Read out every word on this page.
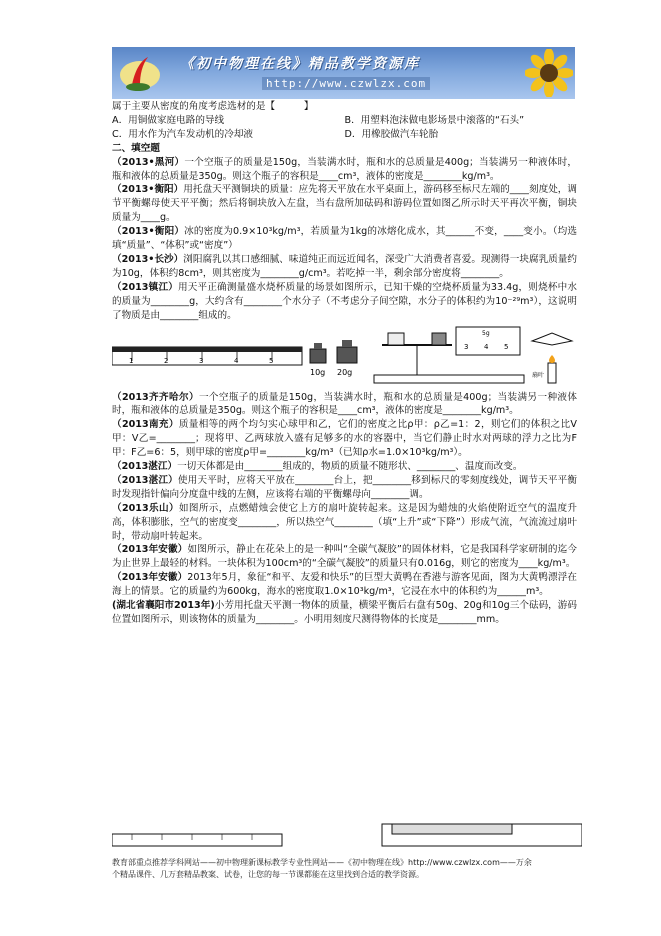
《初中物理在线》精品教学资源库
http://www.czwlzx.com

属于主要从密度的角度考虑选材的是【　　　】

A．用铜做家庭电路的导线	B．用塑料泡沫做电影场景中滚落的“石头”
C．用水作为汽车发动机的冷却液	D．用橡胶做汽车轮胎

二、填空题

（2013•黑河）一个空瓶子的质量是150g，当装满水时，瓶和水的总质量是400g；当装满另一种液体时，瓶和液体的总质量是350g。则这个瓶子的容积是____cm³，液体的密度是________kg/m³。

（2013•衡阳）用托盘天平测铜块的质量：应先将天平放在水平桌面上，游码移至标尺左端的____刻度处，调节平衡螺母使天平平衡；然后将铜块放入左盘，当右盘所加砝码和游码位置如图乙所示时天平再次平衡，铜块质量为____g。

（2013•衡阳）冰的密度为0.9×10³kg/m³，若质量为1kg的冰熔化成水，其______不变，____变小。（均选填“质量”、“体积”或“密度”）

（2013•长沙）浏阳腐乳以其口感细腻、味道纯正而远近闻名，深受广大消费者喜爱。现测得一块腐乳质量约为10g，体积约8cm³，则其密度为________g/cm³。若吃掉一半，剩余部分密度将________。

（2013镇江）用天平正确测量盛水烧杯质量的场景如图所示，已知干燥的空烧杯质量为33.4g，则烧杯中水的质量为________g，大约含有________个水分子（不考虑分子间空隙，水分子的体积约为10⁻²⁹m³），这说明了物质是由________组成的。

1	2	3	4	5
10g 20g
3 4 5
5g
扇叶

（2013齐齐哈尔）一个空瓶子的质量是150g，当装满水时，瓶和水的总质量是400g；当装满另一种液体时，瓶和液体的总质量是350g。则这个瓶子的容积是____cm³，液体的密度是________kg/m³。

（2013南充）质量相等的两个均匀实心球甲和乙，它们的密度之比ρ甲：ρ乙=1：2，则它们的体积之比V甲：V乙=________；现将甲、乙两球放入盛有足够多的水的容器中，当它们静止时水对两球的浮力之比为F甲：F乙=6：5，则甲球的密度ρ甲=________kg/m³（已知ρ水=1.0×10³kg/m³）。

（2013湛江）一切天体都是由________组成的，物质的质量不随形状、________、温度而改变。

（2013湛江）使用天平时，应将天平放在________台上，把________移到标尺的零刻度线处，调节天平平衡时发现指针偏向分度盘中线的左侧，应该将右端的平衡螺母向________调。

（2013乐山）如图所示，点燃蜡烛会使它上方的扇叶旋转起来。这是因为蜡烛的火焰使附近空气的温度升高，体积膨胀，空气的密度变________，所以热空气________（填“上升”或“下降”）形成气流，气流流过扇叶时，带动扇叶转起来。

（2013年安徽）如图所示，静止在花朵上的是一种叫“全碳气凝胶”的固体材料，它是我国科学家研制的迄今为止世界上最轻的材料。一块体积为100cm³的“全碳气凝胶”的质量只有0.016g，则它的密度为____kg/m³。

（2013年安徽）2013年5月，象征“和平、友爱和快乐”的巨型大黄鸭在香港与游客见面，图为大黄鸭漂浮在海上的情景。它的质量约为600kg，海水的密度取1.0×10³kg/m³，它浸在水中的体积约为______m³。

(湖北省襄阳市2013年)小芳用托盘天平测一物体的质量，横梁平衡后右盘有50g、20g和10g三个砝码，游码位置如图所示，则该物体的质量为________。小明用刻度尺测得物体的长度是________mm。

教育部重点推荐学科网站——初中物理新课标教学专业性网站——《初中物理在线》http://www.czwlzx.com——万余
个精品课件、几万套精品教案、试卷，让您的每一节课都能在这里找到合适的教学资源。
